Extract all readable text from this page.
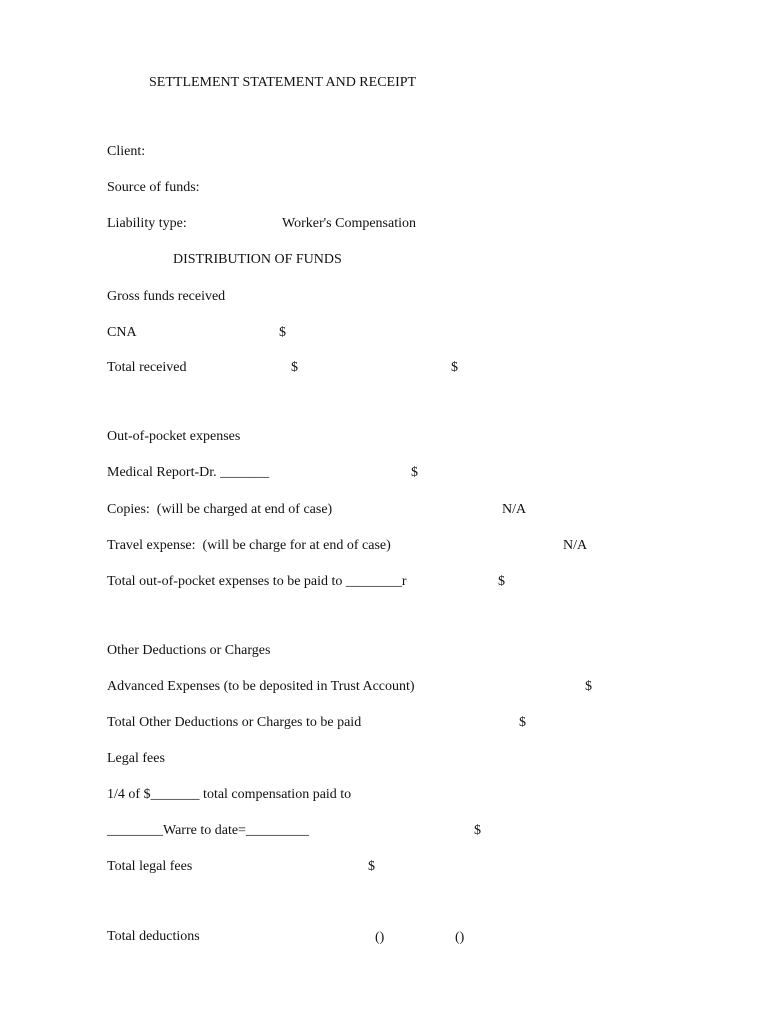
SETTLEMENT STATEMENT AND RECEIPT

Client:

Source of funds:

Liability type:	Worker's Compensation

DISTRIBUTION OF FUNDS

Gross funds received

CNA	$

Total received	$	$

Out-of-pocket expenses

Medical Report-Dr. _______	$

Copies:  (will be charged at end of case)	N/A

Travel expense:  (will be charge for at end of case)	N/A

Total out-of-pocket expenses to be paid to ________r	$

Other Deductions or Charges

Advanced Expenses (to be deposited in Trust Account)	$

Total Other Deductions or Charges to be paid	$

Legal fees

1/4 of $_______ total compensation paid to

________Warre to date=_________	$

Total legal fees	$

Total deductions	()	()
